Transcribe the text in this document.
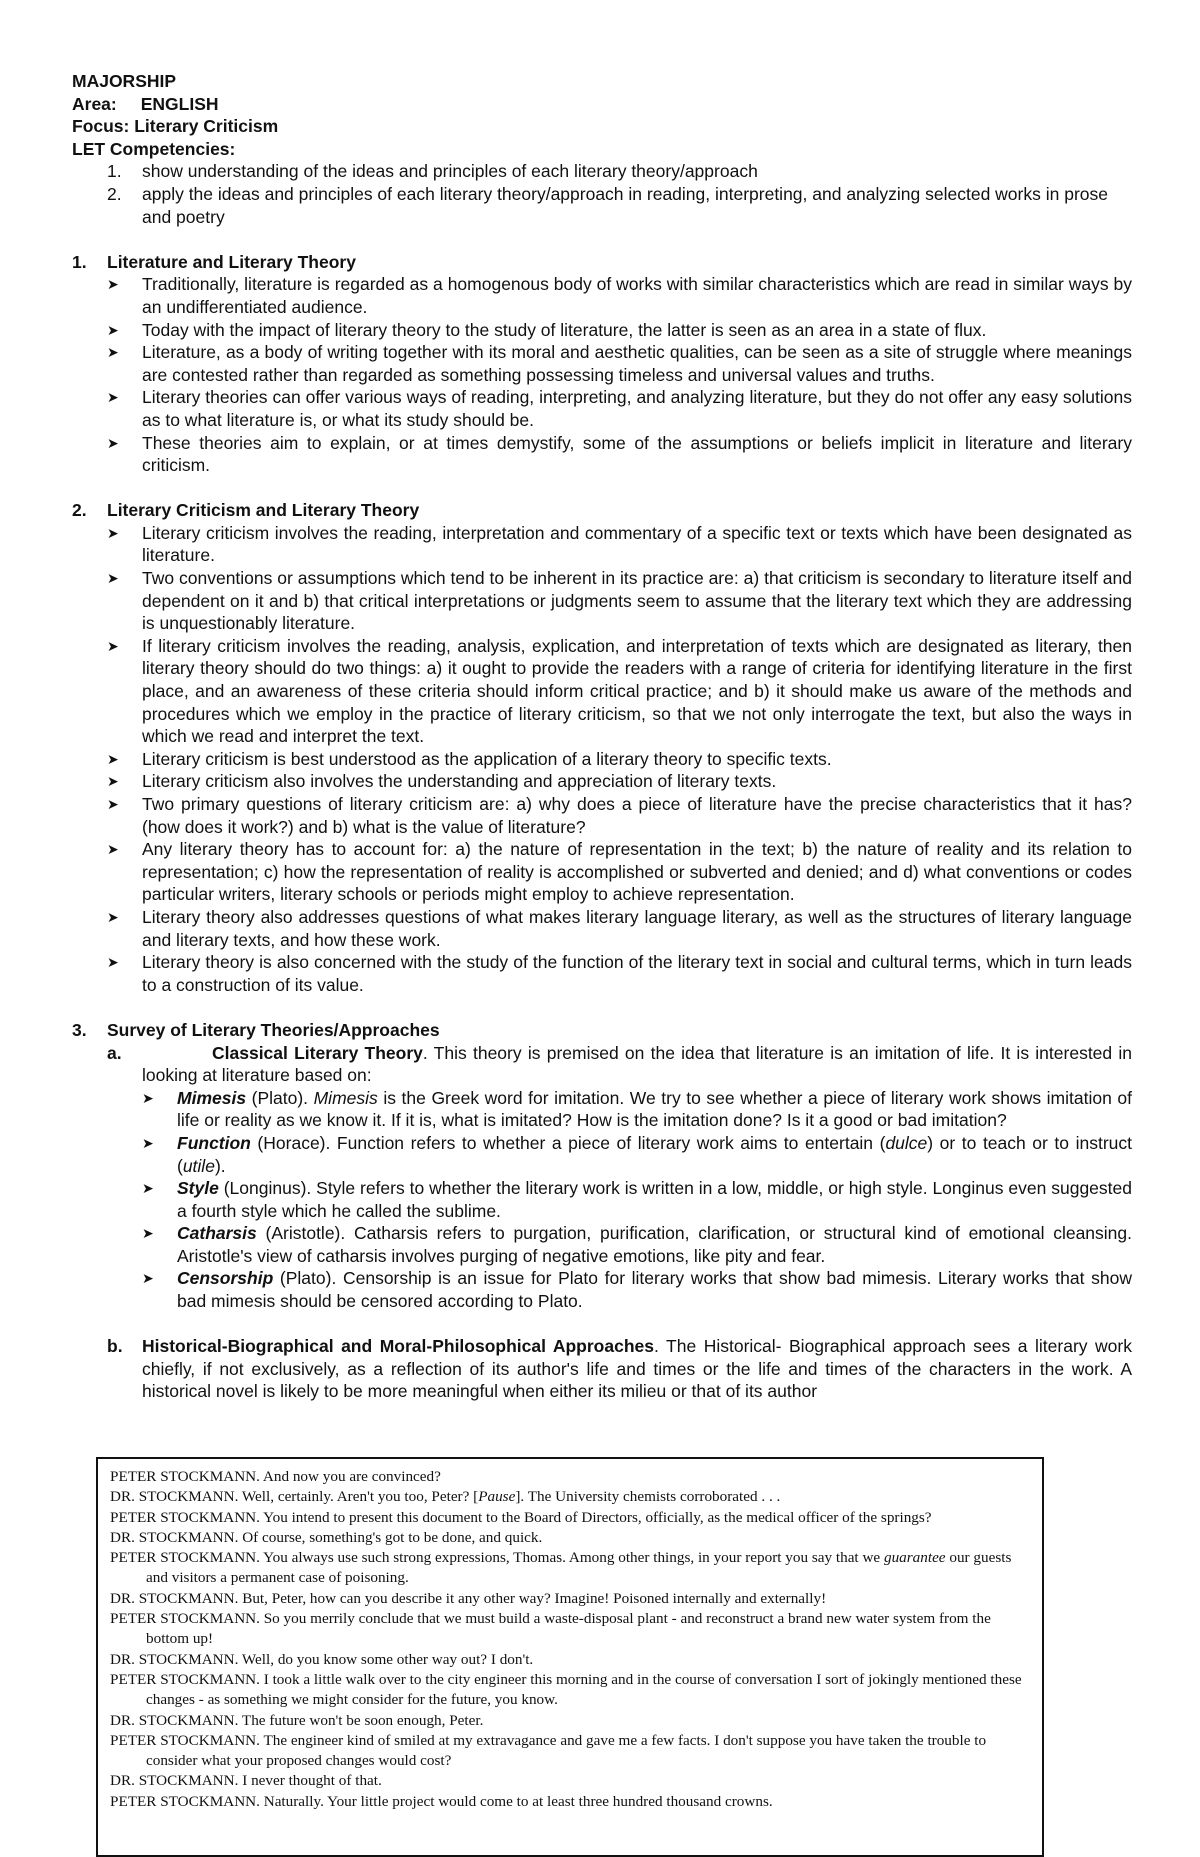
MAJORSHIP
Area: ENGLISH
Focus: Literary Criticism
LET Competencies:
1. show understanding of the ideas and principles of each literary theory/approach
2. apply the ideas and principles of each literary theory/approach in reading, interpreting, and analyzing selected works in prose and poetry
1. Literature and Literary Theory
➤ Traditionally, literature is regarded as a homogenous body of works with similar characteristics which are read in similar ways by an undifferentiated audience.
➤ Today with the impact of literary theory to the study of literature, the latter is seen as an area in a state of flux.
➤ Literature, as a body of writing together with its moral and aesthetic qualities, can be seen as a site of struggle where meanings are contested rather than regarded as something possessing timeless and universal values and truths.
➤ Literary theories can offer various ways of reading, interpreting, and analyzing literature, but they do not offer any easy solutions as to what literature is, or what its study should be.
➤ These theories aim to explain, or at times demystify, some of the assumptions or beliefs implicit in literature and literary criticism.
2. Literary Criticism and Literary Theory
➤ Literary criticism involves the reading, interpretation and commentary of a specific text or texts which have been designated as literature.
➤ Two conventions or assumptions which tend to be inherent in its practice are: a) that criticism is secondary to literature itself and dependent on it and b) that critical interpretations or judgments seem to assume that the literary text which they are addressing is unquestionably literature.
➤ If literary criticism involves the reading, analysis, explication, and interpretation of texts which are designated as literary, then literary theory should do two things: a) it ought to provide the readers with a range of criteria for identifying literature in the first place, and an awareness of these criteria should inform critical practice; and b) it should make us aware of the methods and procedures which we employ in the practice of literary criticism, so that we not only interrogate the text, but also the ways in which we read and interpret the text.
➤ Literary criticism is best understood as the application of a literary theory to specific texts.
➤ Literary criticism also involves the understanding and appreciation of literary texts.
➤ Two primary questions of literary criticism are: a) why does a piece of literature have the precise characteristics that it has? (how does it work?) and b) what is the value of literature?
➤ Any literary theory has to account for: a) the nature of representation in the text; b) the nature of reality and its relation to representation; c) how the representation of reality is accomplished or subverted and denied; and d) what conventions or codes particular writers, literary schools or periods might employ to achieve representation.
➤ Literary theory also addresses questions of what makes literary language literary, as well as the structures of literary language and literary texts, and how these work.
➤ Literary theory is also concerned with the study of the function of the literary text in social and cultural terms, which in turn leads to a construction of its value.
3. Survey of Literary Theories/Approaches
a.	Classical Literary Theory. This theory is premised on the idea that literature is an imitation of life. It is interested in looking at literature based on:
➤ Mimesis (Plato). Mimesis is the Greek word for imitation. We try to see whether a piece of literary work shows imitation of life or reality as we know it. If it is, what is imitated? How is the imitation done? Is it a good or bad imitation?
➤ Function (Horace). Function refers to whether a piece of literary work aims to entertain (dulce) or to teach or to instruct (utile).
➤ Style (Longinus). Style refers to whether the literary work is written in a low, middle, or high style. Longinus even suggested a fourth style which he called the sublime.
➤ Catharsis (Aristotle). Catharsis refers to purgation, purification, clarification, or structural kind of emotional cleansing. Aristotle's view of catharsis involves purging of negative emotions, like pity and fear.
➤ Censorship (Plato). Censorship is an issue for Plato for literary works that show bad mimesis. Literary works that show bad mimesis should be censored according to Plato.
b. Historical-Biographical and Moral-Philosophical Approaches. The Historical- Biographical approach sees a literary work chiefly, if not exclusively, as a reflection of its author's life and times or the life and times of the characters in the work. A historical novel is likely to be more meaningful when either its milieu or that of its author
PETER STOCKMANN. And now you are convinced?
DR. STOCKMANN. Well, certainly. Aren't you too, Peter? [Pause]. The University chemists corroborated . . .
PETER STOCKMANN. You intend to present this document to the Board of Directors, officially, as the medical officer of the springs?
DR. STOCKMANN. Of course, something's got to be done, and quick.
PETER STOCKMANN. You always use such strong expressions, Thomas. Among other things, in your report you say that we guarantee our guests and visitors a permanent case of poisoning.
DR. STOCKMANN. But, Peter, how can you describe it any other way? Imagine! Poisoned internally and externally!
PETER STOCKMANN. So you merrily conclude that we must build a waste-disposal plant - and reconstruct a brand new water system from the bottom up!
DR. STOCKMANN. Well, do you know some other way out? I don't.
PETER STOCKMANN. I took a little walk over to the city engineer this morning and in the course of conversation I sort of jokingly mentioned these changes - as something we might consider for the future, you know.
DR. STOCKMANN. The future won't be soon enough, Peter.
PETER STOCKMANN. The engineer kind of smiled at my extravagance and gave me a few facts. I don't suppose you have taken the trouble to consider what your proposed changes would cost?
DR. STOCKMANN. I never thought of that.
PETER STOCKMANN. Naturally. Your little project would come to at least three hundred thousand crowns.
